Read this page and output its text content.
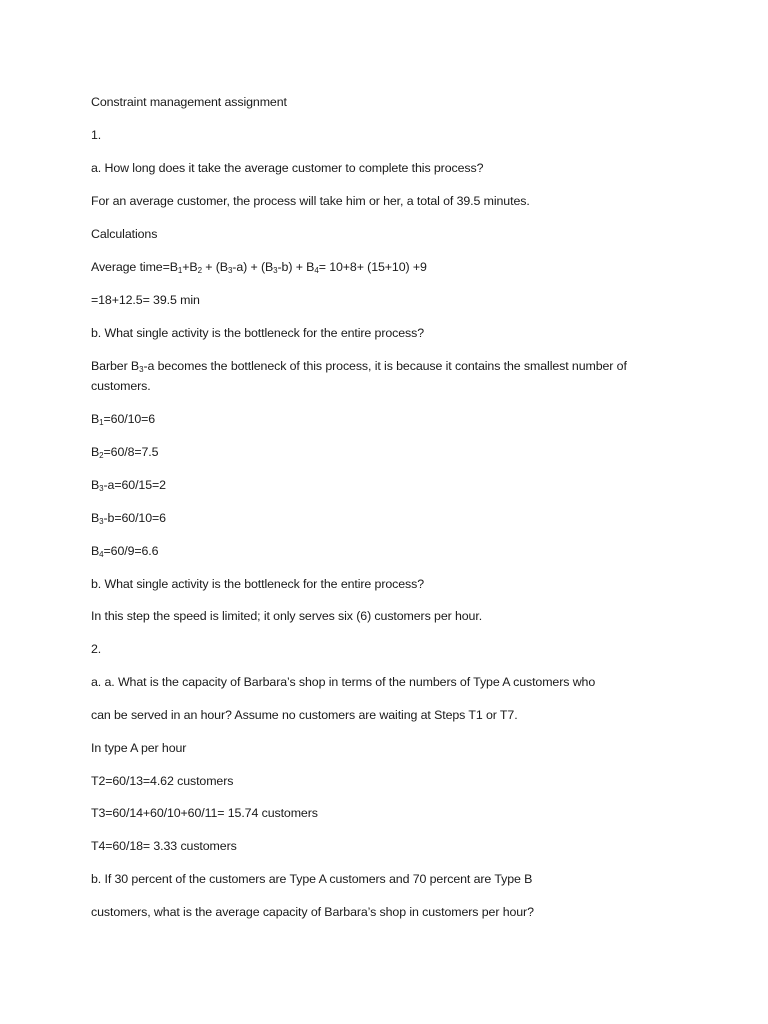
Constraint management assignment
1.
a. How long does it take the average customer to complete this process?
For an average customer, the process will take him or her, a total of 39.5 minutes.
Calculations
Average $time=B_1+B_2 + (B_3-a) + (B_3-b) + B_4= 10+8+ (15+10) +9$
=18+12.5= 39.5 min
b. What single activity is the bottleneck for the entire process?
Barber $B_3-a$ becomes the bottleneck of this process, it is because it contains the smallest number of customers.
$B_1=60/10=6$
$B_2=60/8=7.5$
$B_3-a=60/15=2$
$B_3-b=60/10=6$
$B_4=60/9=6.6$
b. What single activity is the bottleneck for the entire process?
In this step the speed is limited; it only serves six (6) customers per hour.
2.
a. a. What is the capacity of Barbara’s shop in terms of the numbers of Type A customers who
can be served in an hour? Assume no customers are waiting at Steps T1 or T7.
In type A per hour
T2=60/13=4.62 customers
T3=60/14+60/10+60/11= 15.74 customers
T4=60/18= 3.33 customers
b. If 30 percent of the customers are Type A customers and 70 percent are Type B
customers, what is the average capacity of Barbara’s shop in customers per hour?
